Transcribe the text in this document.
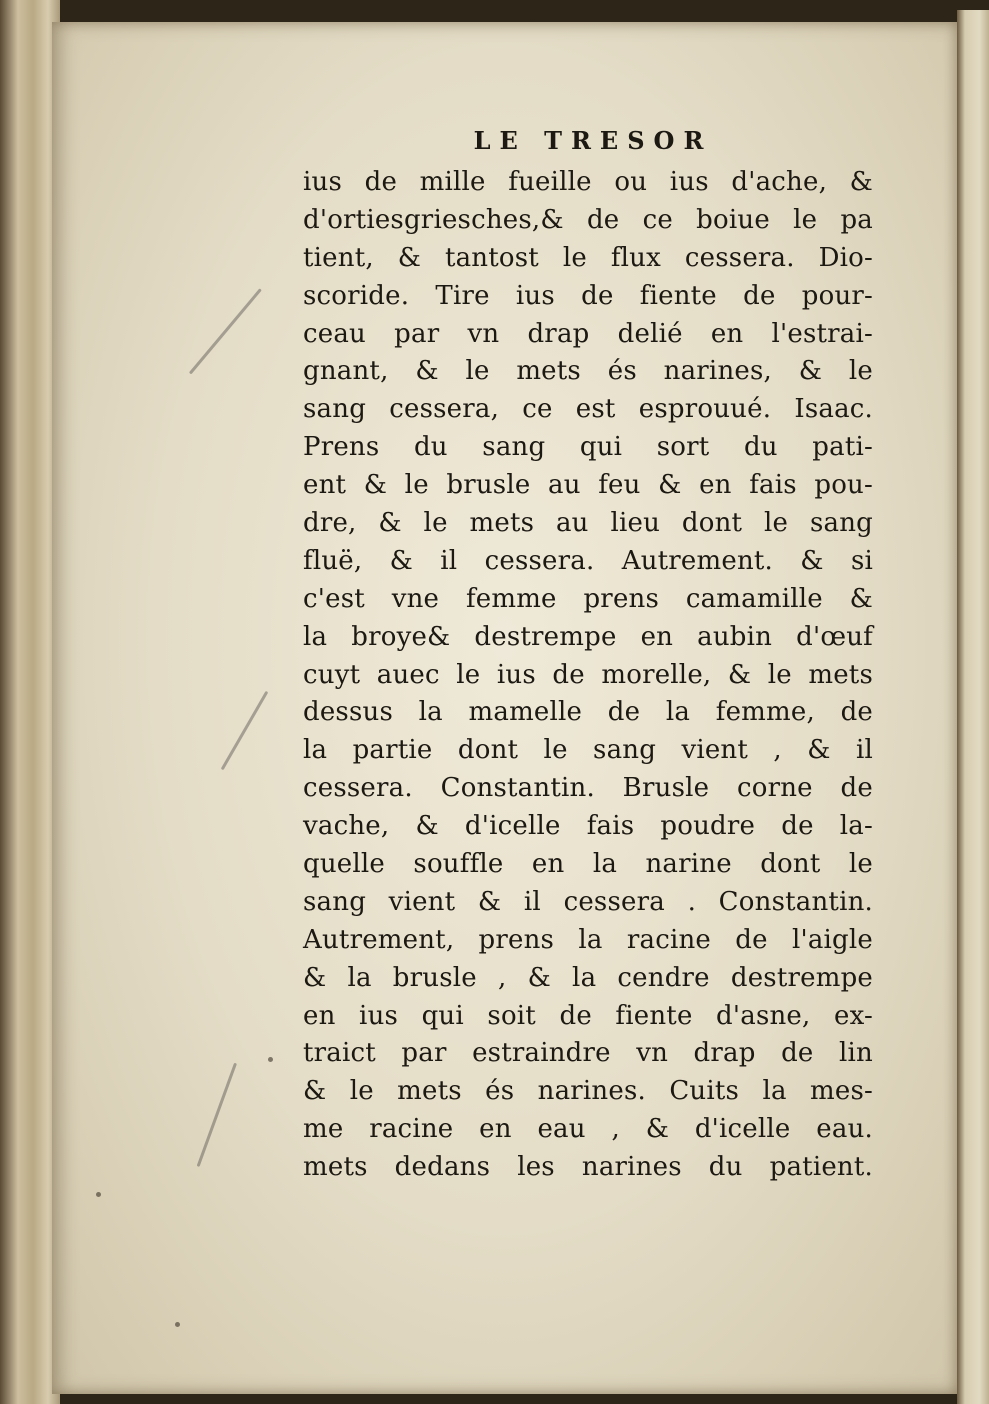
LE TRESOR
ius de mille fueille ou ius d'ache, &
d'ortiesgriesches,& de ce boiue le pa
tient, & tantost le flux cessera. Dio-
scoride. Tire ius de fiente de pour-
ceau par vn drap delié en l'estrai-
gnant, & le mets és narines, & le
sang cessera, ce est esprouué. Isaac.
Prens du sang qui sort du pati-
ent & le brusle au feu & en fais pou-
dre, & le mets au lieu dont le sang
fluë, & il cessera. Autrement. & si
c'est vne femme prens camamille &
la broye& destrempe en aubin d'œuf
cuyt auec le ius de morelle, & le mets
dessus la mamelle de la femme, de
la partie dont le sang vient , & il
cessera. Constantin. Brusle corne de
vache, & d'icelle fais poudre de la-
quelle souffle en la narine dont le
sang vient & il cessera . Constantin.
Autrement, prens la racine de l'aigle
& la brusle , & la cendre destrempe
en ius qui soit de fiente d'asne, ex-
traict par estraindre vn drap de lin
& le mets és narines. Cuits la mes-
me racine en eau , & d'icelle eau.
mets dedans les narines du patient.
